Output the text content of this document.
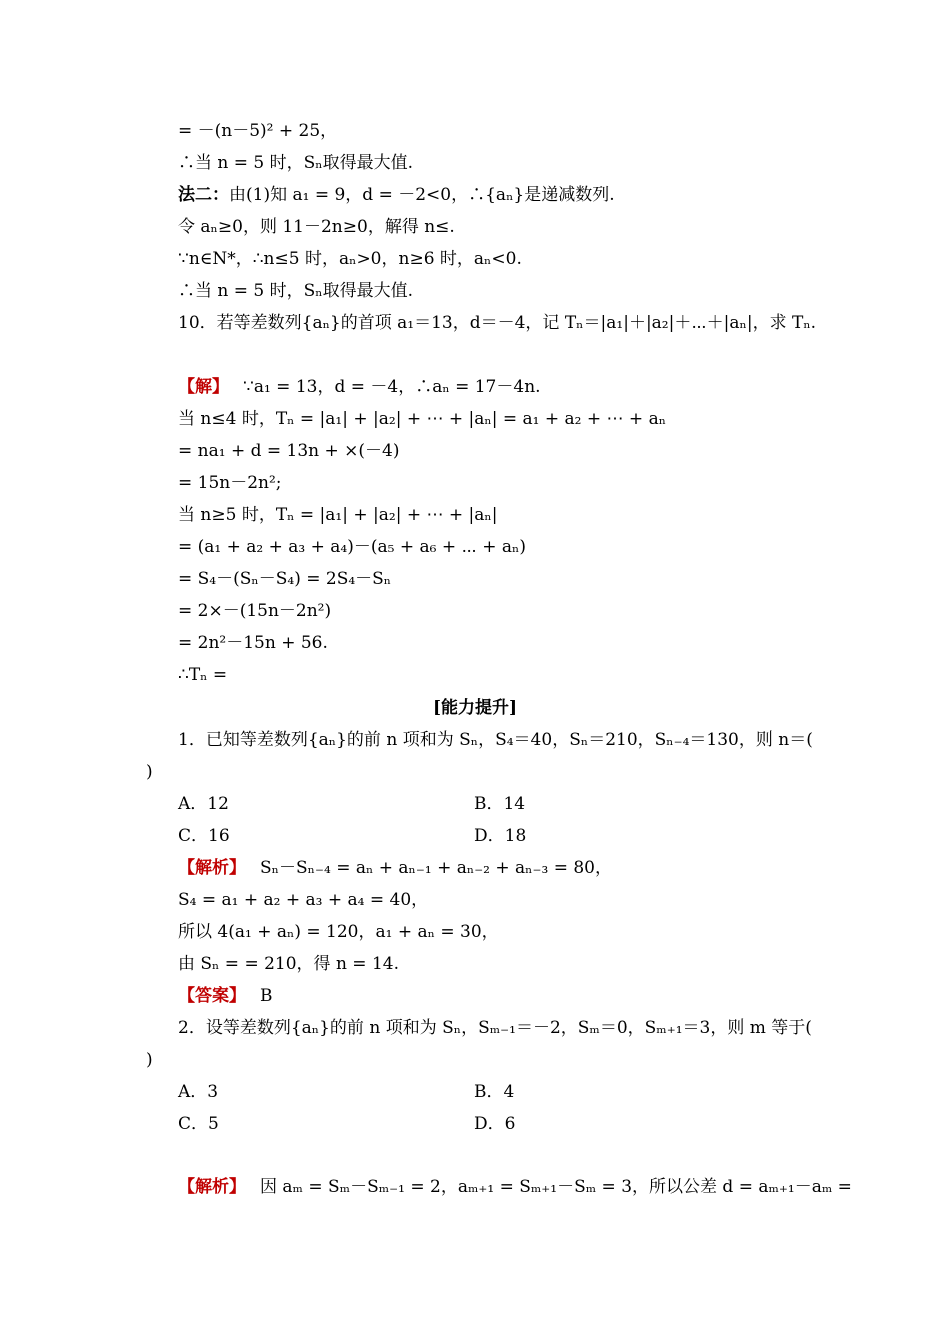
= －(n－5)² + 25，
∴当 n = 5 时，Sₙ取得最大值.
法二：由(1)知 a₁ = 9，d = －2<0，∴{aₙ}是递减数列.
令 aₙ≥0，则 11－2n≥0，解得 n≤.
∵n∈N*，∴n≤5 时，aₙ>0，n≥6 时，aₙ<0.
∴当 n = 5 时，Sₙ取得最大值.
10．若等差数列{aₙ}的首项 a₁＝13，d＝－4，记 Tₙ＝|a₁|＋|a₂|＋⋯＋|aₙ|，求 Tₙ.
【解】 ∵a₁ = 13，d = －4，∴aₙ = 17－4n.
当 n≤4 时，Tₙ = |a₁| + |a₂| + ⋯ + |aₙ| = a₁ + a₂ + ⋯ + aₙ
= na₁ + d = 13n + ×(－4)
= 15n－2n²;
当 n≥5 时，Tₙ = |a₁| + |a₂| + ⋯ + |aₙ|
= (a₁ + a₂ + a₃ + a₄)－(a₅ + a₆ + ⋯ + aₙ)
= S₄－(Sₙ－S₄) = 2S₄－Sₙ
= 2×－(15n－2n²)
= 2n²－15n + 56.
∴Tₙ =
[能力提升]
1．已知等差数列{aₙ}的前 n 项和为 Sₙ，S₄＝40，Sₙ＝210，Sₙ₋₄＝130，则 n＝(
)
A．12	B．14
C．16	D．18
【解析】 Sₙ－Sₙ₋₄ = aₙ + aₙ₋₁ + aₙ₋₂ + aₙ₋₃ = 80，
S₄ = a₁ + a₂ + a₃ + a₄ = 40，
所以 4(a₁ + aₙ) = 120，a₁ + aₙ = 30，
由 Sₙ = = 210，得 n = 14.
【答案】 B
2．设等差数列{aₙ}的前 n 项和为 Sₙ，Sₘ₋₁＝－2，Sₘ＝0，Sₘ₊₁＝3，则 m 等于(
)
A．3	B．4
C．5	D．6
【解析】 因 aₘ = Sₘ－Sₘ₋₁ = 2，aₘ₊₁ = Sₘ₊₁－Sₘ = 3，所以公差 d = aₘ₊₁－aₘ =
